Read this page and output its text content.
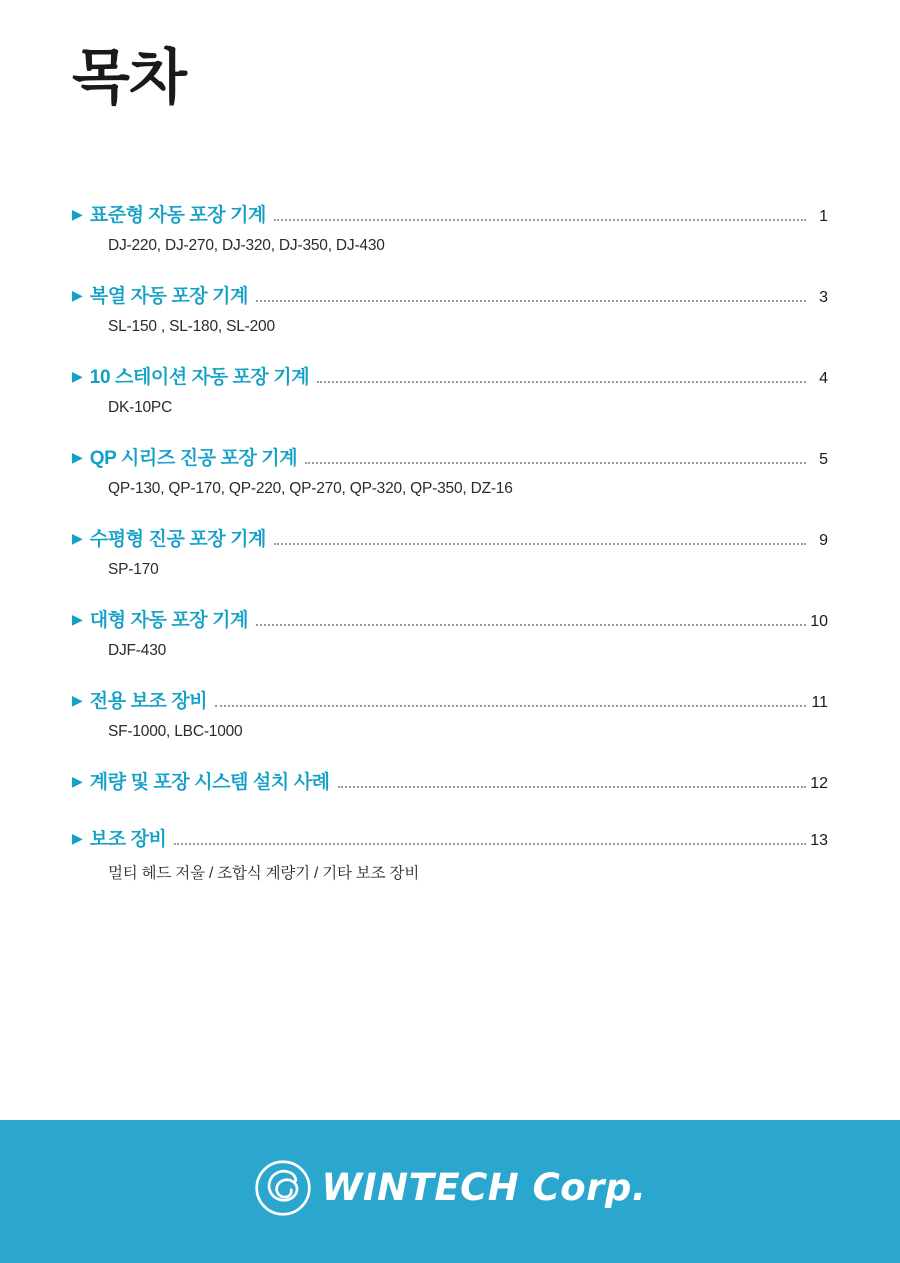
목차
▶ 표준형 자동 포장 기계	1
DJ-220, DJ-270, DJ-320, DJ-350, DJ-430
▶ 복열 자동 포장 기계	3
SL-150 , SL-180, SL-200
▶ 10 스테이션 자동 포장 기계	4
DK-10PC
▶ QP 시리즈 진공 포장 기계	5
QP-130, QP-170, QP-220, QP-270, QP-320, QP-350, DZ-16
▶ 수평형 진공 포장 기계	9
SP-170
▶ 대형 자동 포장 기계	10
DJF-430
▶ 전용 보조 장비	11
SF-1000, LBC-1000
▶ 계량 및 포장 시스템 설치 사례	12
▶ 보조 장비	13
멀티 헤드 저울 / 조합식 계량기 / 기타 보조 장비
WINTECH Corp.
